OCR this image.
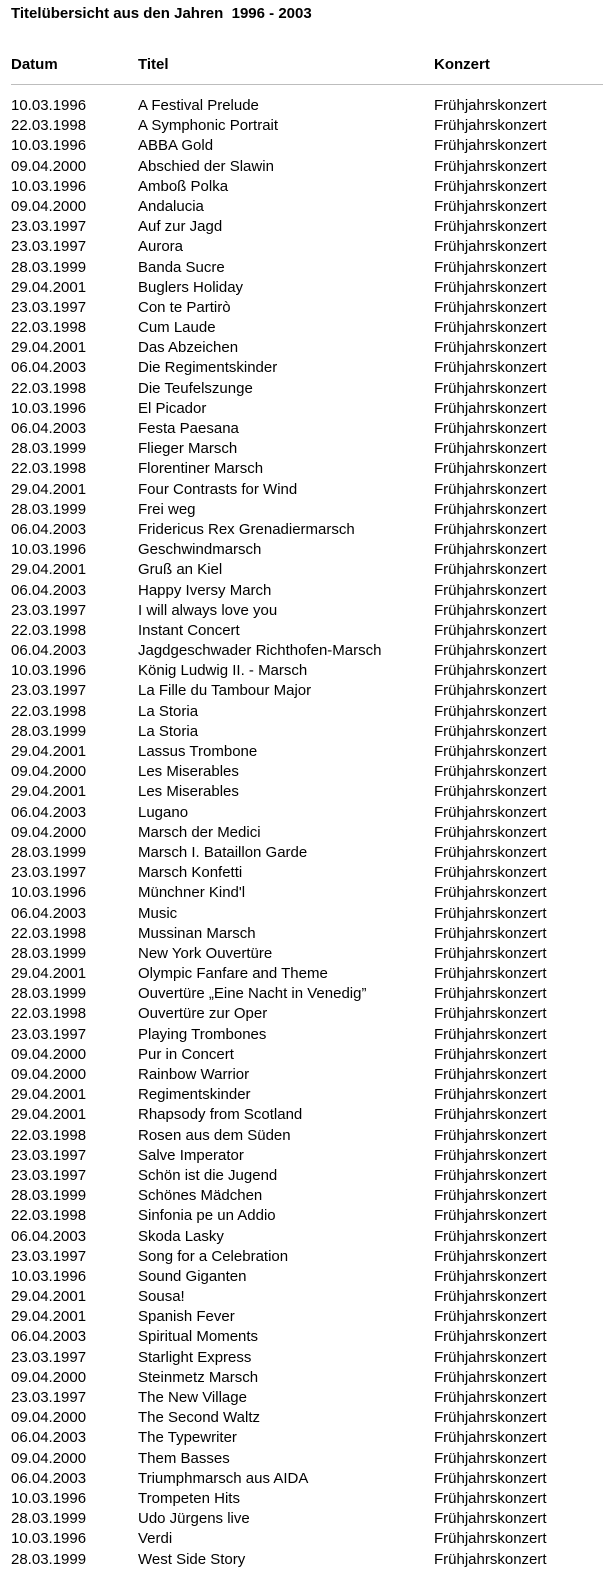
Titelübersicht aus den Jahren  1996 - 2003
Datum	Titel	Konzert
10.03.1996	A Festival Prelude	Frühjahrskonzert
22.03.1998	A Symphonic Portrait	Frühjahrskonzert
10.03.1996	ABBA Gold	Frühjahrskonzert
09.04.2000	Abschied der Slawin	Frühjahrskonzert
10.03.1996	Amboß Polka	Frühjahrskonzert
09.04.2000	Andalucia	Frühjahrskonzert
23.03.1997	Auf zur Jagd	Frühjahrskonzert
23.03.1997	Aurora	Frühjahrskonzert
28.03.1999	Banda Sucre	Frühjahrskonzert
29.04.2001	Buglers Holiday	Frühjahrskonzert
23.03.1997	Con te Partirò	Frühjahrskonzert
22.03.1998	Cum Laude	Frühjahrskonzert
29.04.2001	Das Abzeichen	Frühjahrskonzert
06.04.2003	Die Regimentskinder	Frühjahrskonzert
22.03.1998	Die Teufelszunge	Frühjahrskonzert
10.03.1996	El Picador	Frühjahrskonzert
06.04.2003	Festa Paesana	Frühjahrskonzert
28.03.1999	Flieger Marsch	Frühjahrskonzert
22.03.1998	Florentiner Marsch	Frühjahrskonzert
29.04.2001	Four Contrasts for Wind	Frühjahrskonzert
28.03.1999	Frei weg	Frühjahrskonzert
06.04.2003	Fridericus Rex Grenadiermarsch	Frühjahrskonzert
10.03.1996	Geschwindmarsch	Frühjahrskonzert
29.04.2001	Gruß an Kiel	Frühjahrskonzert
06.04.2003	Happy Iversy March	Frühjahrskonzert
23.03.1997	I will always love you	Frühjahrskonzert
22.03.1998	Instant Concert	Frühjahrskonzert
06.04.2003	Jagdgeschwader Richthofen-Marsch	Frühjahrskonzert
10.03.1996	König Ludwig II. - Marsch	Frühjahrskonzert
23.03.1997	La Fille du Tambour Major	Frühjahrskonzert
22.03.1998	La Storia	Frühjahrskonzert
28.03.1999	La Storia	Frühjahrskonzert
29.04.2001	Lassus Trombone	Frühjahrskonzert
09.04.2000	Les Miserables	Frühjahrskonzert
29.04.2001	Les Miserables	Frühjahrskonzert
06.04.2003	Lugano	Frühjahrskonzert
09.04.2000	Marsch der Medici	Frühjahrskonzert
28.03.1999	Marsch I. Bataillon Garde	Frühjahrskonzert
23.03.1997	Marsch Konfetti	Frühjahrskonzert
10.03.1996	Münchner Kind'l	Frühjahrskonzert
06.04.2003	Music	Frühjahrskonzert
22.03.1998	Mussinan Marsch	Frühjahrskonzert
28.03.1999	New York Ouvertüre	Frühjahrskonzert
29.04.2001	Olympic Fanfare and Theme	Frühjahrskonzert
28.03.1999	Ouvertüre „Eine Nacht in Venedig”	Frühjahrskonzert
22.03.1998	Ouvertüre zur Oper	Frühjahrskonzert
23.03.1997	Playing Trombones	Frühjahrskonzert
09.04.2000	Pur in Concert	Frühjahrskonzert
09.04.2000	Rainbow Warrior	Frühjahrskonzert
29.04.2001	Regimentskinder	Frühjahrskonzert
29.04.2001	Rhapsody from Scotland	Frühjahrskonzert
22.03.1998	Rosen aus dem Süden	Frühjahrskonzert
23.03.1997	Salve Imperator	Frühjahrskonzert
23.03.1997	Schön ist die Jugend	Frühjahrskonzert
28.03.1999	Schönes Mädchen	Frühjahrskonzert
22.03.1998	Sinfonia pe un Addio	Frühjahrskonzert
06.04.2003	Skoda Lasky	Frühjahrskonzert
23.03.1997	Song for a Celebration	Frühjahrskonzert
10.03.1996	Sound Giganten	Frühjahrskonzert
29.04.2001	Sousa!	Frühjahrskonzert
29.04.2001	Spanish Fever	Frühjahrskonzert
06.04.2003	Spiritual Moments	Frühjahrskonzert
23.03.1997	Starlight Express	Frühjahrskonzert
09.04.2000	Steinmetz Marsch	Frühjahrskonzert
23.03.1997	The New Village	Frühjahrskonzert
09.04.2000	The Second Waltz	Frühjahrskonzert
06.04.2003	The Typewriter	Frühjahrskonzert
09.04.2000	Them Basses	Frühjahrskonzert
06.04.2003	Triumphmarsch aus AIDA	Frühjahrskonzert
10.03.1996	Trompeten Hits	Frühjahrskonzert
28.03.1999	Udo Jürgens live	Frühjahrskonzert
10.03.1996	Verdi	Frühjahrskonzert
28.03.1999	West Side Story	Frühjahrskonzert
